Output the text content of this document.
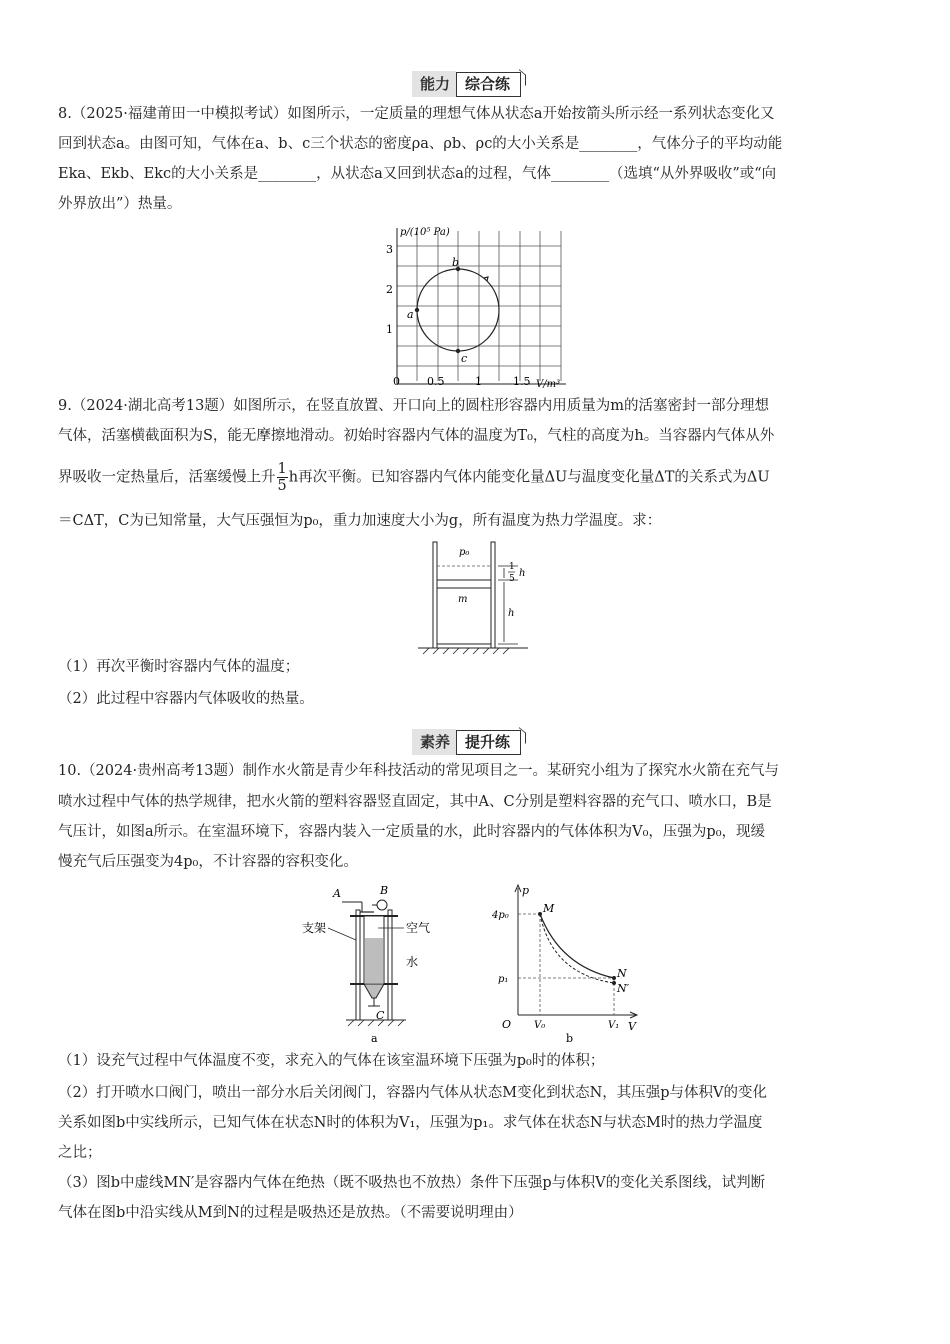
能力	综合练

8.（2025·福建莆田一中模拟考试）如图所示，一定质量的理想气体从状态a开始按箭头所示经一系列状态变化又

回到状态a。由图可知，气体在a、b、c三个状态的密度ρa、ρb、ρc的大小关系是________，气体分子的平均动能

Eka、Ekb、Ekc的大小关系是________，从状态a又回到状态a的过程，气体________（选填“从外界吸收”或“向

外界放出”）热量。

b
a
c
3
2
1
0 0.5	1	1.5
p/(10⁵ Pa)
V/m³

9.（2024·湖北高考13题）如图所示，在竖直放置、开口向上的圆柱形容器内用质量为m的活塞密封一部分理想

气体，活塞横截面积为S，能无摩擦地滑动。初始时容器内气体的温度为T₀，气柱的高度为h。当容器内气体从外

界吸收一定热量后，活塞缓慢上升 $\frac{1}{5}$ h再次平衡。已知容器内气体内能变化量ΔU与温度变化量ΔT的关系式为ΔU

＝CΔT，C为已知常量，大气压强恒为p₀，重力加速度大小为g，所有温度为热力学温度。求：

p₀
m
1
5 h
h

（1）再次平衡时容器内气体的温度；

（2）此过程中容器内气体吸收的热量。

素养	提升练

10.（2024·贵州高考13题）制作水火箭是青少年科技活动的常见项目之一。某研究小组为了探究水火箭在充气与

喷水过程中气体的热学规律，把水火箭的塑料容器竖直固定，其中A、C分别是塑料容器的充气口、喷水口，B是

气压计，如图a所示。在室温环境下，容器内装入一定质量的水，此时容器内的气体体积为V₀，压强为p₀，现缓

慢充气后压强变为4p₀，不计容器的容积变化。

A	B
C
支架	空气
水
a
p
V
O
M
N
N′
4p₀
p₁
V₀	V₁
b

（1）设充气过程中气体温度不变，求充入的气体在该室温环境下压强为p₀时的体积；

（2）打开喷水口阀门，喷出一部分水后关闭阀门，容器内气体从状态M变化到状态N，其压强p与体积V的变化

关系如图b中实线所示，已知气体在状态N时的体积为V₁，压强为p₁。求气体在状态N与状态M时的热力学温度

之比；

（3）图b中虚线MN′是容器内气体在绝热（既不吸热也不放热）条件下压强p与体积V的变化关系图线，试判断

气体在图b中沿实线从M到N的过程是吸热还是放热。（不需要说明理由）
